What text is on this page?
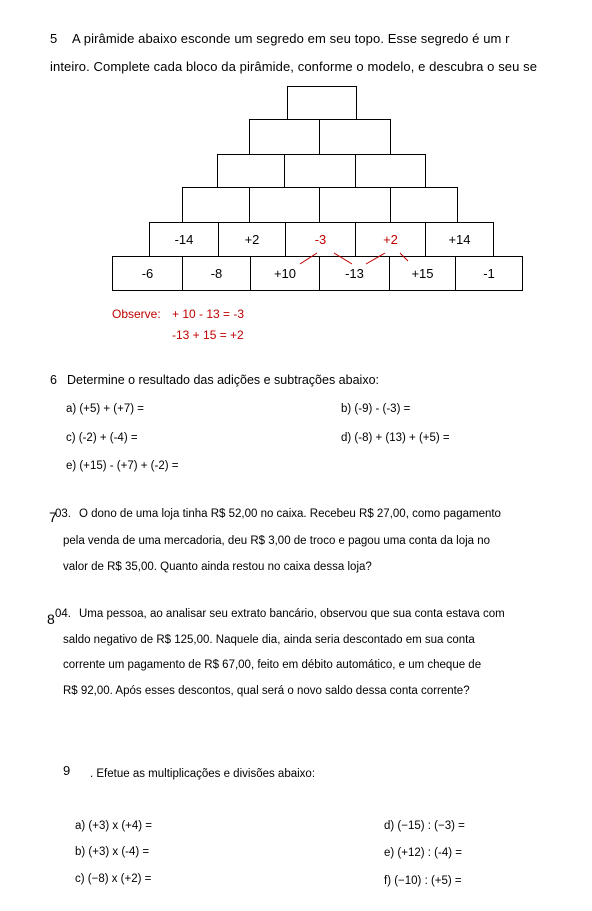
5 A pirâmide abaixo esconde um segredo em seu topo. Esse segredo é um r
inteiro. Complete cada bloco da pirâmide, conforme o modelo, e descubra o seu se
-14	+2	-3	+2	+14
-6	-8	+10	-13	+15	-1
Observe: + 10 - 13 = -3
-13 + 15 = +2
6 Determine o resultado das adições e subtrações abaixo:
a) (+5) + (+7) =	b) (-9) - (-3) =
c) (-2) + (-4) =	d) (-8) + (13) + (+5) =
e) (+15) - (+7) + (-2) =
7
03. O dono de uma loja tinha R$ 52,00 no caixa. Recebeu R$ 27,00, como pagamento
pela venda de uma mercadoria, deu R$ 3,00 de troco e pagou uma conta da loja no
valor de R$ 35,00. Quanto ainda restou no caixa dessa loja?
8 04. Uma pessoa, ao analisar seu extrato bancário, observou que sua conta estava com
saldo negativo de R$ 125,00. Naquele dia, ainda seria descontado em sua conta
corrente um pagamento de R$ 67,00, feito em débito automático, e um cheque de
R$ 92,00. Após esses descontos, qual será o novo saldo dessa conta corrente?
9 . Efetue as multiplicações e divisões abaixo:
a) (+3) x (+4) =	d) (−15) : (−3) =
b) (+3) x (-4) =	e) (+12) : (-4) =
c) (−8) x (+2) =	f) (−10) : (+5) =
